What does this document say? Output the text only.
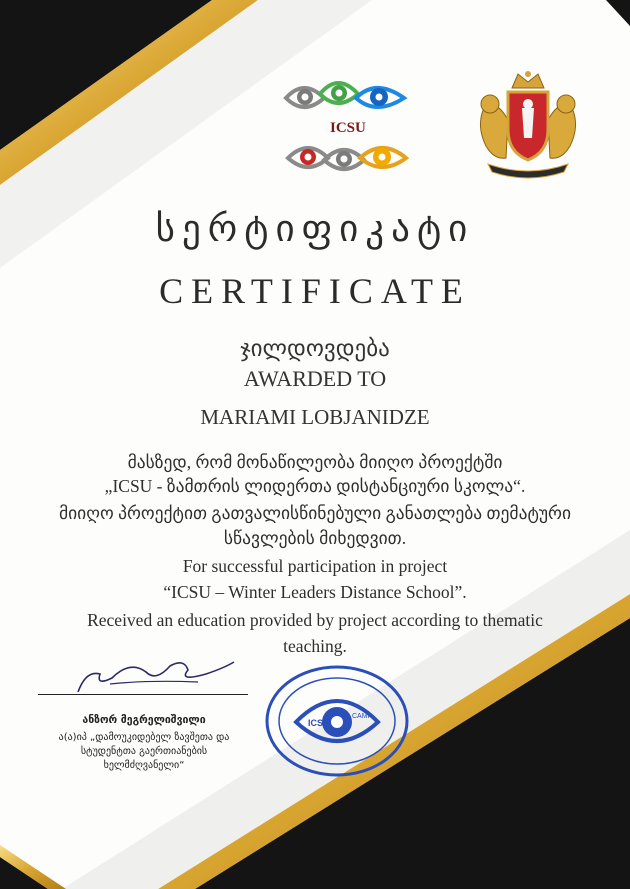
ICSU

სერტიფიკატი

CERTIFICATE

ჯილდოვდება

AWARDED TO

MARIAMI LOBJANIDZE

მასზედ, რომ მონაწილეობა მიიღო პროექტში

„ICSU - ზამთრის ლიდერთა დისტანციური სკოლა“.

მიიღო პროექტით გათვალისწინებული განათლება თემატური

სწავლების მიხედვით.

For successful participation in project

“ICSU – Winter Leaders Distance School”.

Received an education provided by project according to thematic

teaching.

ანზორ მეგრელიშვილი

ა(ა)იპ „დამოუკიდებელ ზავშეთა და
სტუდენტთა გაერთიანების
ხელმძღვანელი“
ICSU
CAMP
